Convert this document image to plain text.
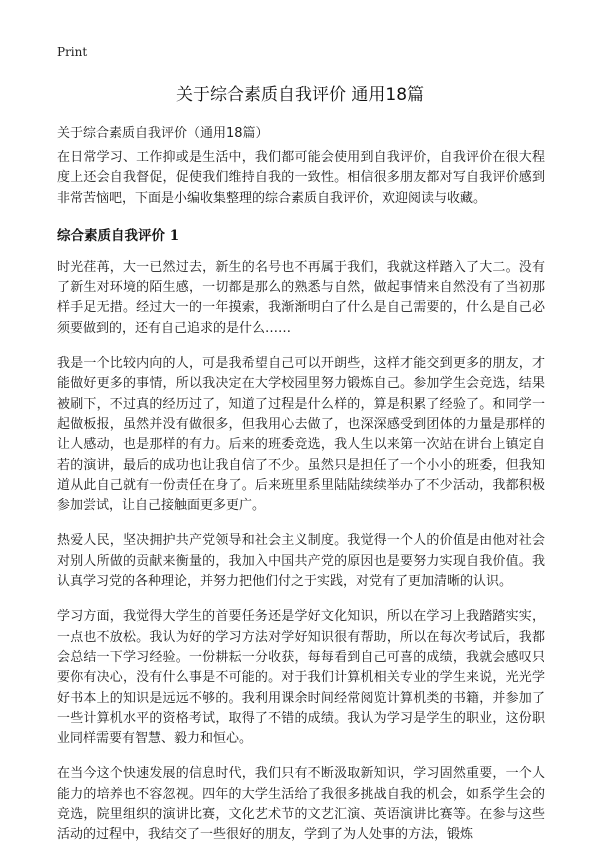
Print
关于综合素质自我评价 通用18篇
关于综合素质自我评价（通用18篇）

在日常学习、工作抑或是生活中，我们都可能会使用到自我评价，自我评价在很大程度上还会自我督促，促使我们维持自我的一致性。相信很多朋友都对写自我评价感到非常苦恼吧，下面是小编收集整理的综合素质自我评价，欢迎阅读与收藏。

综合素质自我评价 1

时光荏苒，大一已然过去，新生的名号也不再属于我们，我就这样踏入了大二。没有了新生对环境的陌生感，一切都是那么的熟悉与自然，做起事情来自然没有了当初那样手足无措。经过大一的一年摸索，我渐渐明白了什么是自己需要的，什么是自己必须要做到的，还有自己追求的是什么……

我是一个比较内向的人，可是我希望自己可以开朗些，这样才能交到更多的朋友，才能做好更多的事情，所以我决定在大学校园里努力锻炼自己。参加学生会竞选，结果被刷下，不过真的经历过了，知道了过程是什么样的，算是积累了经验了。和同学一起做板报，虽然并没有做很多，但我用心去做了，也深深感受到团体的力量是那样的让人感动，也是那样的有力。后来的班委竞选，我人生以来第一次站在讲台上镇定自若的演讲，最后的成功也让我自信了不少。虽然只是担任了一个小小的班委，但我知道从此自己就有一份责任在身了。后来班里系里陆陆续续举办了不少活动，我都积极参加尝试，让自己接触面更多更广。

热爱人民，坚决拥护共产党领导和社会主义制度。我觉得一个人的价值是由他对社会对别人所做的贡献来衡量的，我加入中国共产党的原因也是要努力实现自我价值。我认真学习党的各种理论，并努力把他们付之于实践，对党有了更加清晰的认识。

学习方面，我觉得大学生的首要任务还是学好文化知识，所以在学习上我踏踏实实，一点也不放松。我认为好的学习方法对学好知识很有帮助，所以在每次考试后，我都会总结一下学习经验。一份耕耘一分收获，每每看到自己可喜的成绩，我就会感叹只要你有决心，没有什么事是不可能的。对于我们计算机相关专业的学生来说，光光学好书本上的知识是远远不够的。我利用课余时间经常阅览计算机类的书籍，并参加了一些计算机水平的资格考试，取得了不错的成绩。我认为学习是学生的职业，这份职业同样需要有智慧、毅力和恒心。

在当今这个快速发展的信息时代，我们只有不断汲取新知识，学习固然重要，一个人能力的培养也不容忽视。四年的大学生活给了我很多挑战自我的机会，如系学生会的竞选，院里组织的演讲比赛，文化艺术节的文艺汇演、英语演讲比赛等。在参与这些活动的过程中，我结交了一些很好的朋友，学到了为人处事的方法，锻炼
